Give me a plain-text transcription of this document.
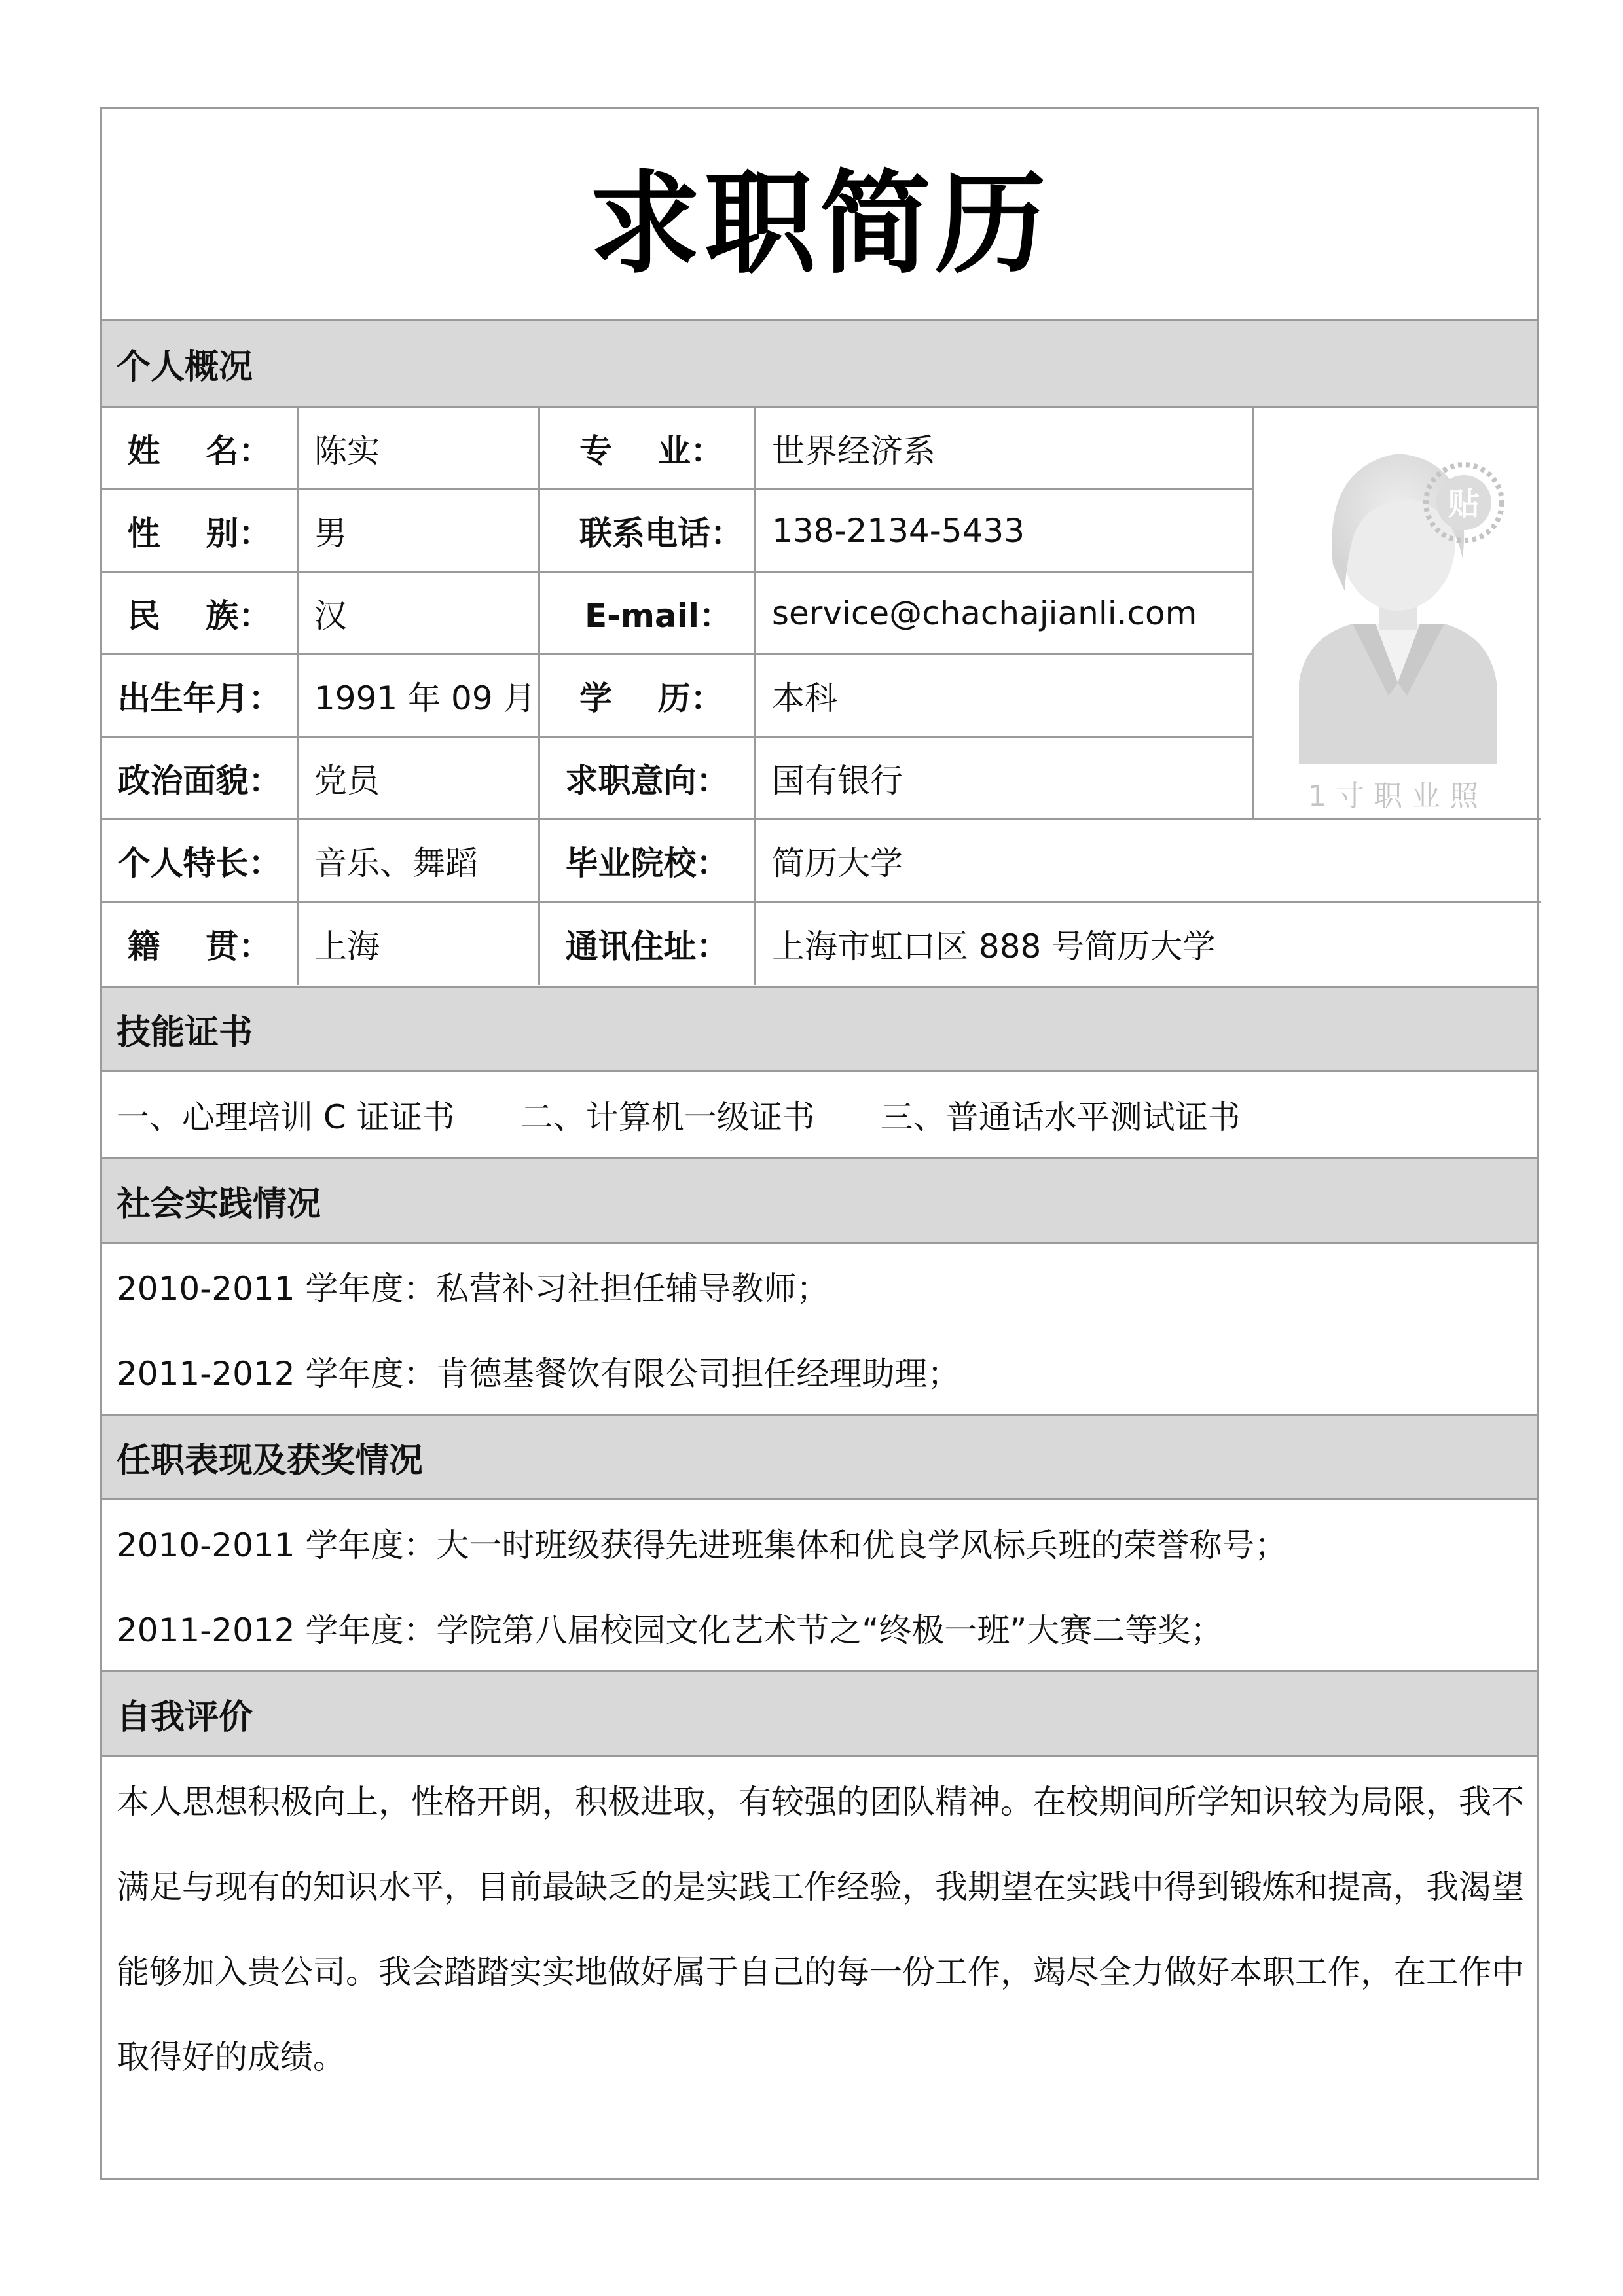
求职简历
个人概况
姓    名：	陈实	专    业：	世界经济系
性    别：	男	联系电话： 138-2134-5433
民    族：	汉	E-mail：	service@chachajianli.com
出生年月：	1991 年 09 月	学    历：	本科
政治面貌：	党员	求职意向：	国有银行
个人特长：	音乐、舞蹈	毕业院校：	简历大学
籍    贯：	上海	通讯住址：	上海市虹口区 888 号简历大学
贴
1寸职业照
技能证书
一、心理培训 C 证证书 二、计算机一级证书 三、普通话水平测试证书
社会实践情况
2010-2011 学年度：私营补习社担任辅导教师；
2011-2012 学年度：肯德基餐饮有限公司担任经理助理；
任职表现及获奖情况
2010-2011 学年度：大一时班级获得先进班集体和优良学风标兵班的荣誉称号；
2011-2012 学年度：学院第八届校园文化艺术节之“终极一班”大赛二等奖；
自我评价
本人思想积极向上，性格开朗，积极进取，有较强的团队精神。在校期间所学知识较为局限，我不
满足与现有的知识水平，目前最缺乏的是实践工作经验，我期望在实践中得到锻炼和提高，我渴望
能够加入贵公司。我会踏踏实实地做好属于自己的每一份工作，竭尽全力做好本职工作，在工作中
取得好的成绩。
